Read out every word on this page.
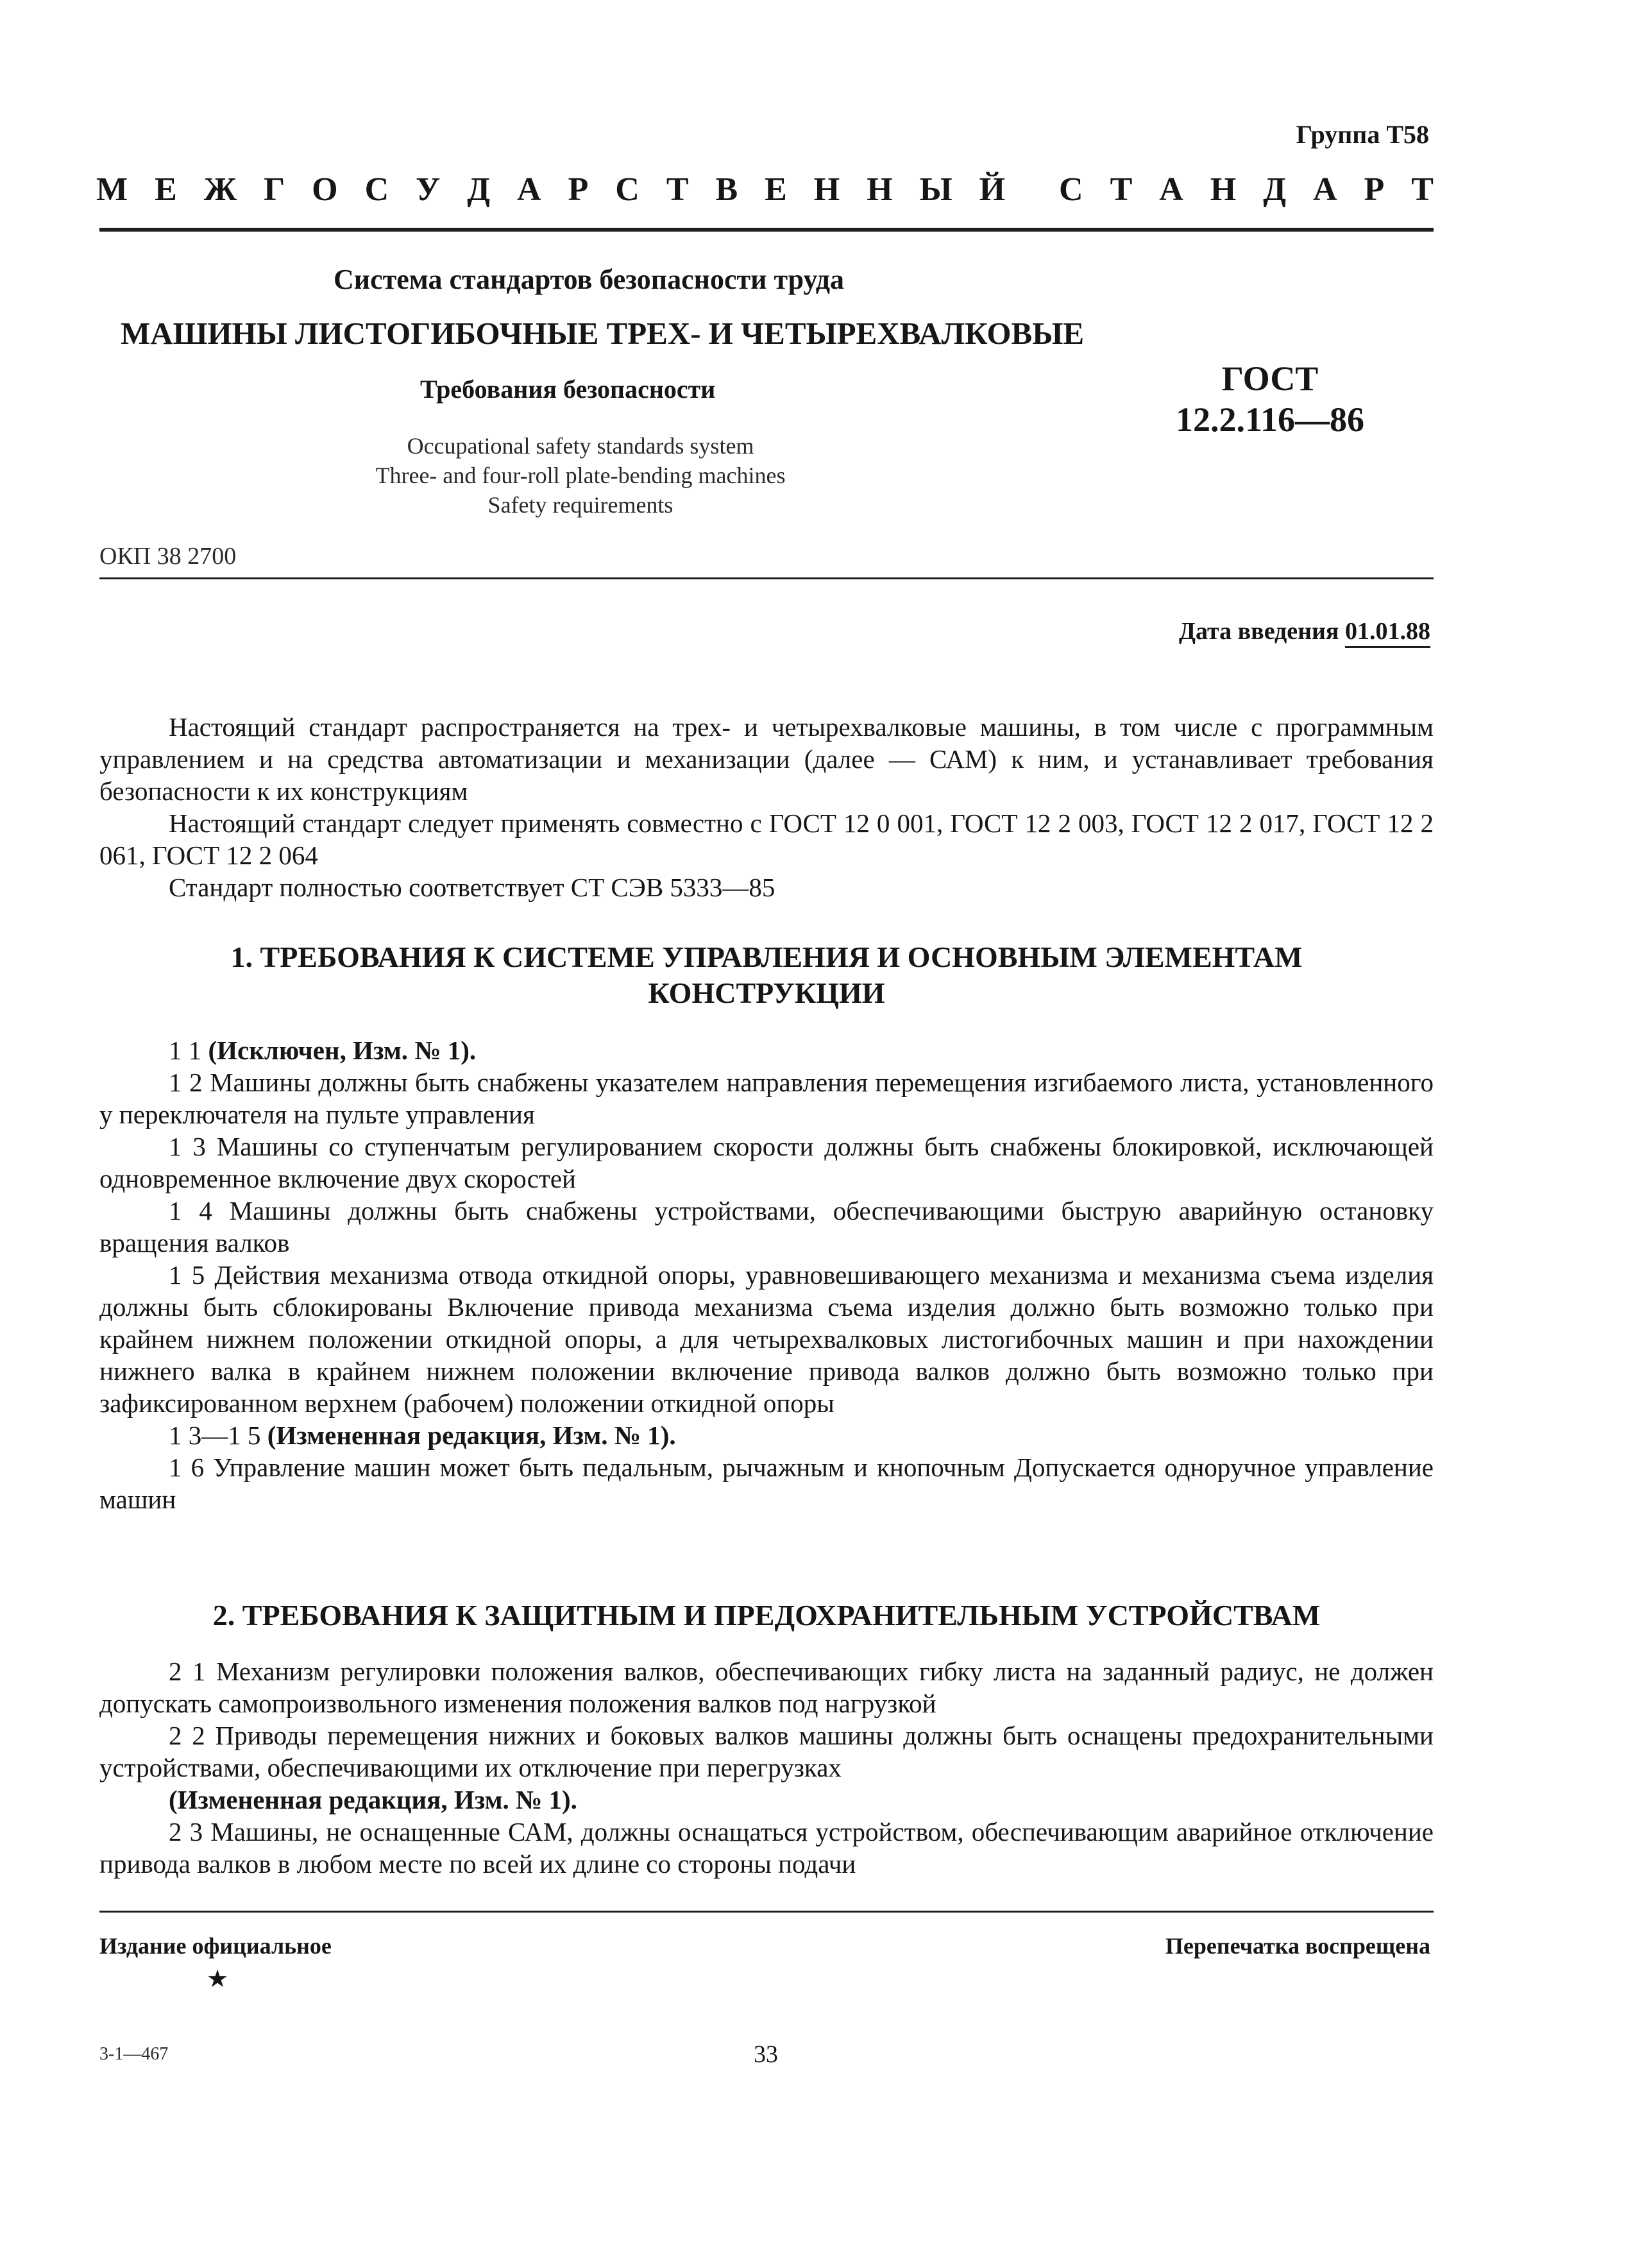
Группа Т58
М Е Ж Г О С У Д А Р С Т В Е Н Н Ы Й С Т А Н Д А Р Т
Система стандартов безопасности труда
МАШИНЫ ЛИСТОГИБОЧНЫЕ ТРЕХ- И ЧЕТЫРЕХВАЛКОВЫЕ
Требования безопасности
Occupational safety standards system
Three- and four-roll plate-bending machines
Safety requirements
ГОСТ
12.2.116—86
ОКП 38 2700
Дата введения 01.01.88

Настоящий стандарт распространяется на трех- и четырехвалковые машины, в том числе с программным управлением и на средства автоматизации и механизации (далее — САМ) к ним, и устанавливает требования безопасности к их конструкциям

Настоящий стандарт следует применять совместно с ГОСТ 12 0 001, ГОСТ 12 2 003, ГОСТ 12 2 017, ГОСТ 12 2 061, ГОСТ 12 2 064

Стандарт полностью соответствует СТ СЭВ 5333—85

1. ТРЕБОВАНИЯ К СИСТЕМЕ УПРАВЛЕНИЯ И ОСНОВНЫМ ЭЛЕМЕНТАМ
КОНСТРУКЦИИ

1 1 (Исключен, Изм. № 1).

1 2 Машины должны быть снабжены указателем направления перемещения изгибаемого листа, установленного у переключателя на пульте управления

1 3 Машины со ступенчатым регулированием скорости должны быть снабжены блокировкой, исключающей одновременное включение двух скоростей

1 4 Машины должны быть снабжены устройствами, обеспечивающими быструю аварийную остановку вращения валков

1 5 Действия механизма отвода откидной опоры, уравновешивающего механизма и механизма съема изделия должны быть сблокированы Включение привода механизма съема изделия должно быть возможно только при крайнем нижнем положении откидной опоры, а для четырехвалковых листогибочных машин и при нахождении нижнего валка в крайнем нижнем положении включение привода валков должно быть возможно только при зафиксированном верхнем (рабочем) положении откидной опоры

1 3—1 5 (Измененная редакция, Изм. № 1).

1 6 Управление машин может быть педальным, рычажным и кнопочным Допускается одноручное управление машин

2. ТРЕБОВАНИЯ К ЗАЩИТНЫМ И ПРЕДОХРАНИТЕЛЬНЫМ УСТРОЙСТВАМ

2 1 Механизм регулировки положения валков, обеспечивающих гибку листа на заданный радиус, не должен допускать самопроизвольного изменения положения валков под нагрузкой

2 2 Приводы перемещения нижних и боковых валков машины должны быть оснащены предохранительными устройствами, обеспечивающими их отключение при перегрузках

(Измененная редакция, Изм. № 1).

2 3 Машины, не оснащенные САМ, должны оснащаться устройством, обеспечивающим аварийное отключение привода валков в любом месте по всей их длине со стороны подачи

Издание официальное
★
Перепечатка воспрещена
3-1—467	33
